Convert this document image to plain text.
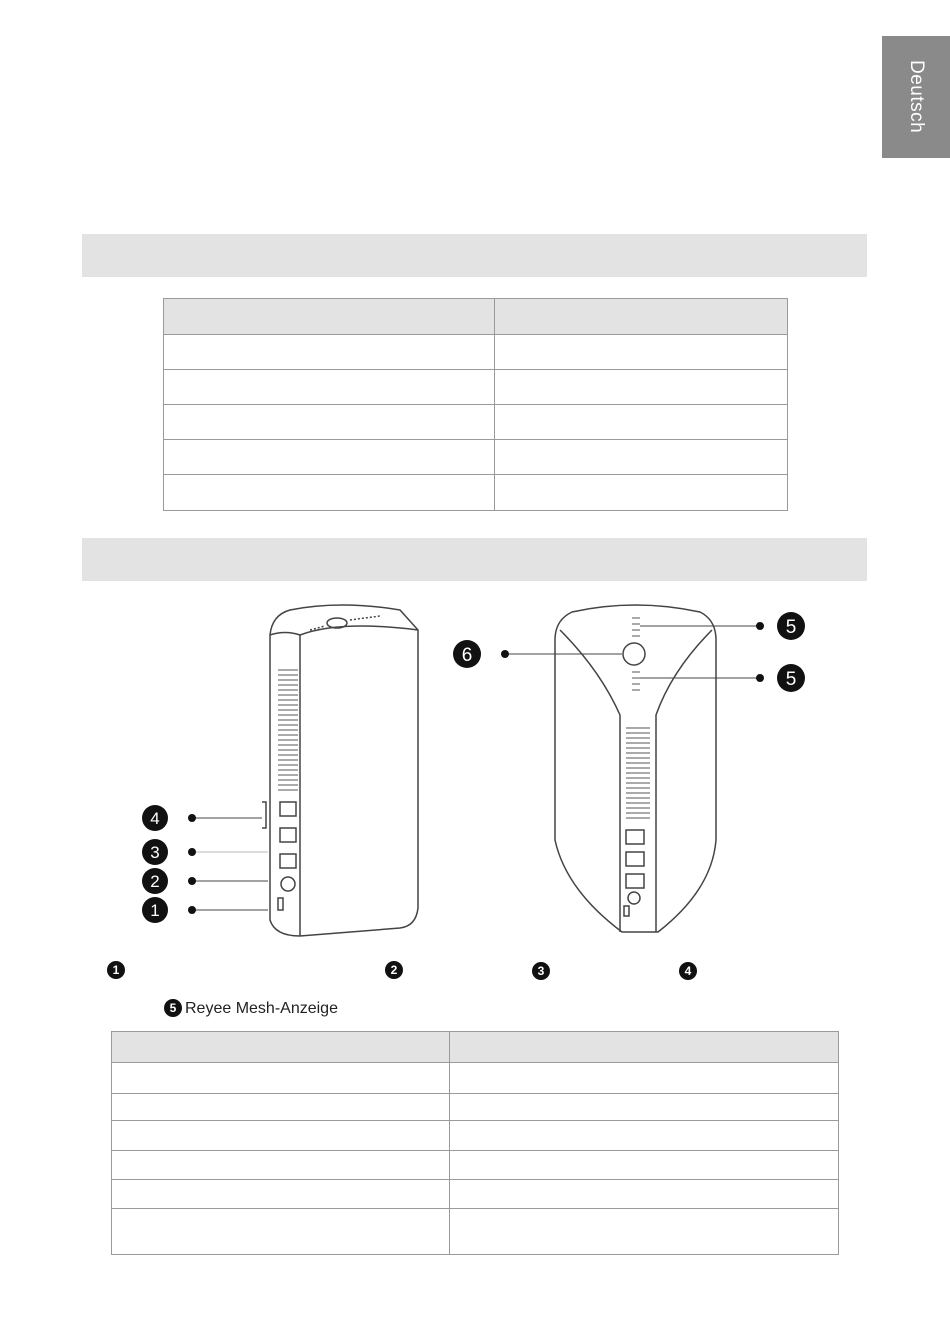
Deutsch

4
3
2
1
6
5
5
1	2	3	4
5 Reyee Mesh-Anzeige
